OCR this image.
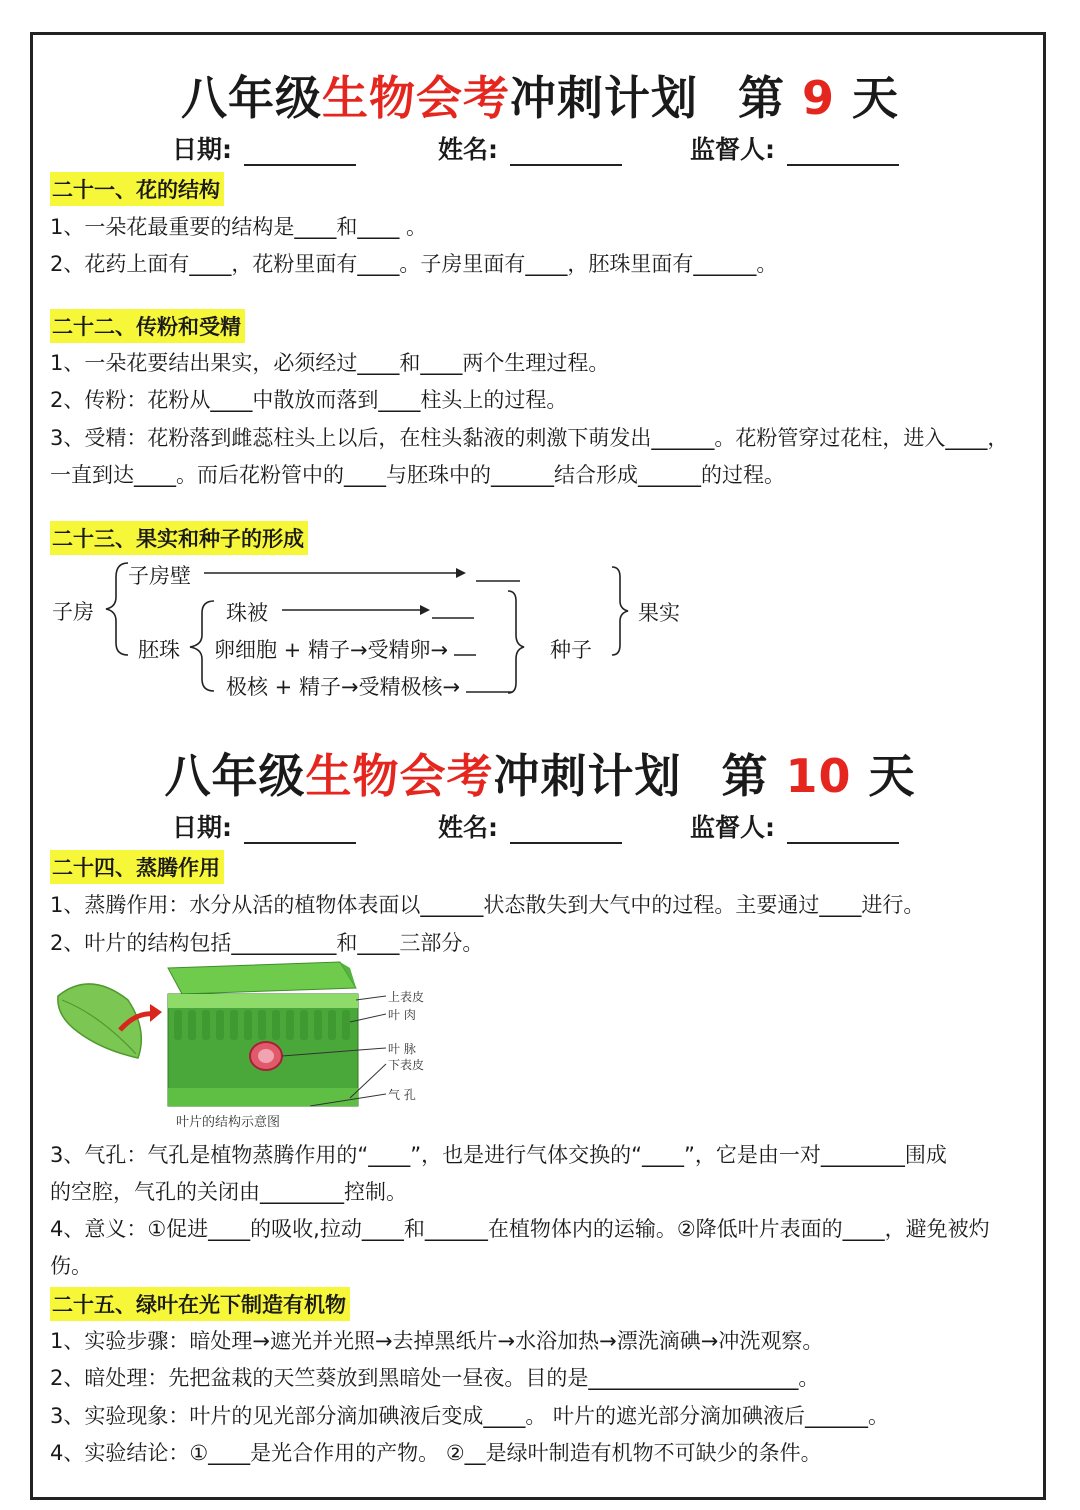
八年级生物会考冲刺计划 第 9 天
日期:	姓名:	监督人:
二十一、花的结构
1、一朵花最重要的结构是____和____ 。
2、花药上面有____，花粉里面有____。子房里面有____，胚珠里面有______。
二十二、传粉和受精
1、一朵花要结出果实，必须经过____和____两个生理过程。
2、传粉：花粉从____中散放而落到____柱头上的过程。
3、受精：花粉落到雌蕊柱头上以后，在柱头黏液的刺激下萌发出______。花粉管穿过花柱，进入____，
一直到达____。而后花粉管中的____与胚珠中的______结合形成______的过程。
二十三、果实和种子的形成
子房
子房壁
胚珠
珠被
卵细胞 + 精子→受精卵→
极核 + 精子→受精极核→
种子
果实
八年级生物会考冲刺计划 第 10 天
日期:	姓名:	监督人:
二十四、蒸腾作用
1、蒸腾作用：水分从活的植物体表面以______状态散失到大气中的过程。主要通过____进行。
2、叶片的结构包括__________和____三部分。
上表皮
叶 肉
叶 脉
下表皮
气 孔
叶片的结构示意图
3、气孔：气孔是植物蒸腾作用的“____”，也是进行气体交换的“____”，它是由一对________围成
的空腔，气孔的关闭由________控制。
4、意义：①促进____的吸收,拉动____和______在植物体内的运输。②降低叶片表面的____，避免被灼
伤。
二十五、绿叶在光下制造有机物
1、实验步骤：暗处理→遮光并光照→去掉黑纸片→水浴加热→漂洗滴碘→冲洗观察。
2、暗处理：先把盆栽的天竺葵放到黑暗处一昼夜。目的是____________________。
3、实验现象：叶片的见光部分滴加碘液后变成____。 叶片的遮光部分滴加碘液后______。
4、实验结论：①____是光合作用的产物。 ②__是绿叶制造有机物不可缺少的条件。
